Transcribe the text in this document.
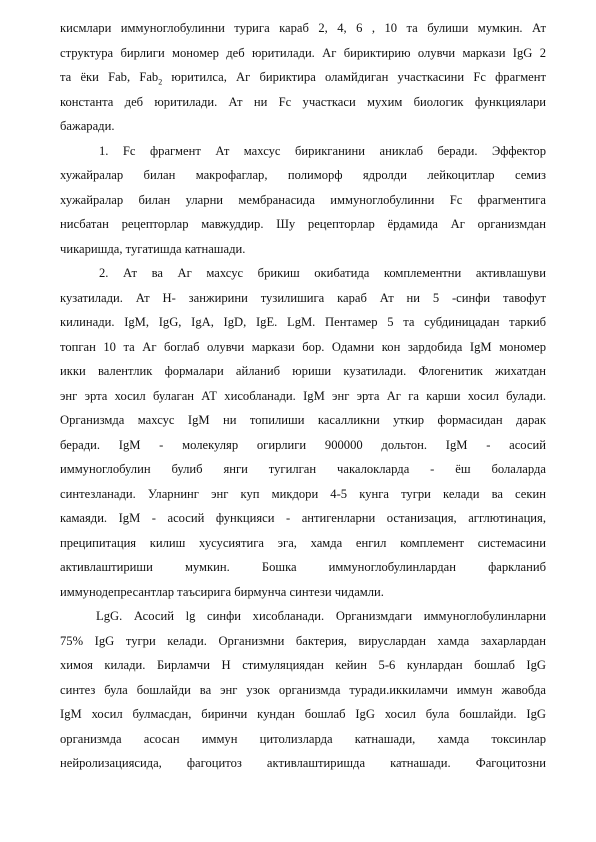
кисмлари иммуноглобулинни турига караб 2, 4, 6 , 10 та булиши мумкин. Ат
структура бирлиги мономер деб юритилади. Аг бириктирию олувчи маркази IgG 2
та ёки Fab, Fab$_2$ юритилса, Аг бириктира оламйдиган участкасини Fc фрагмент
константа деб юритилади. Ат ни Fc участкаси мухим биологик функциялари
бажаради.
1. Fc фрагмент Ат махсус бирикганини аниклаб беради. Эффектор
хужайралар билан макрофаглар, полиморф ядролди лейкоцитлар семиз
хужайралар билан уларни мембранасида иммуноглобулинни Fc фрагментига
нисбатан рецепторлар мавжуддир. Шу рецепторлар ёрдамида Аг организмдан
чикаришда, тугатишда катнашади.
2. Ат ва Аг махсус брикиш окибатида комплементни активлашуви
кузатилади. Ат H- занжирини тузилишига караб Ат ни 5 -синфи тавофут
килинади. IgM, IgG, IgA, IgD, IgE. LgM. Пентамер 5 та субдиницадан таркиб
топган 10 та Аг боглаб олувчи маркази бор. Одамни кон зардобида IgM мономер
икки валентлик формалари айланиб юриши кузатилади. Флогенитик жихатдан
энг эрта хосил булаган АТ хисобланади. IgM энг эрта Аг га карши хосил булади.
Организмда махсус IgM ни топилиши касалликни уткир формасидан дарак
беради. IgM - молекуляр огирлиги 900000 дольтон. IgM - асосий
иммуноглобулин булиб янги тугилган чакалокларда - ёш болаларда
синтезланади. Уларнинг энг куп микдори 4-5 кунга тугри келади ва секин
камаяди. IgM - асосий функцияси - антигенларни останизация, агглютинация,
преципитация килиш хусусиятига эга, хамда енгил комплемент системасини
активлаштириши мумкин. Бошка иммуноглобулинлардан фаркланиб
иммунодепресантлар таъсирига бирмунча синтези чидамли.
LgG. Асосий lg синфи хисобланади. Организмдаги иммуноглобулинларни
75% IgG тугри келади. Организмни бактерия, вируслардан хамда захарлардан
химоя килади. Бирламчи Н стимуляциядан кейин 5-6 кунлардан бошлаб IgG
синтез була бошлайди ва энг узок организмда туради.иккиламчи иммун жавобда
IgM хосил булмасдан, биринчи кундан бошлаб IgG хосил була бошлайди. IgG
организмда асосан иммун цитолизларда катнашади, хамда токсинлар
нейролизациясида, фагоцитоз активлаштиришда катнашади. Фагоцитозни
